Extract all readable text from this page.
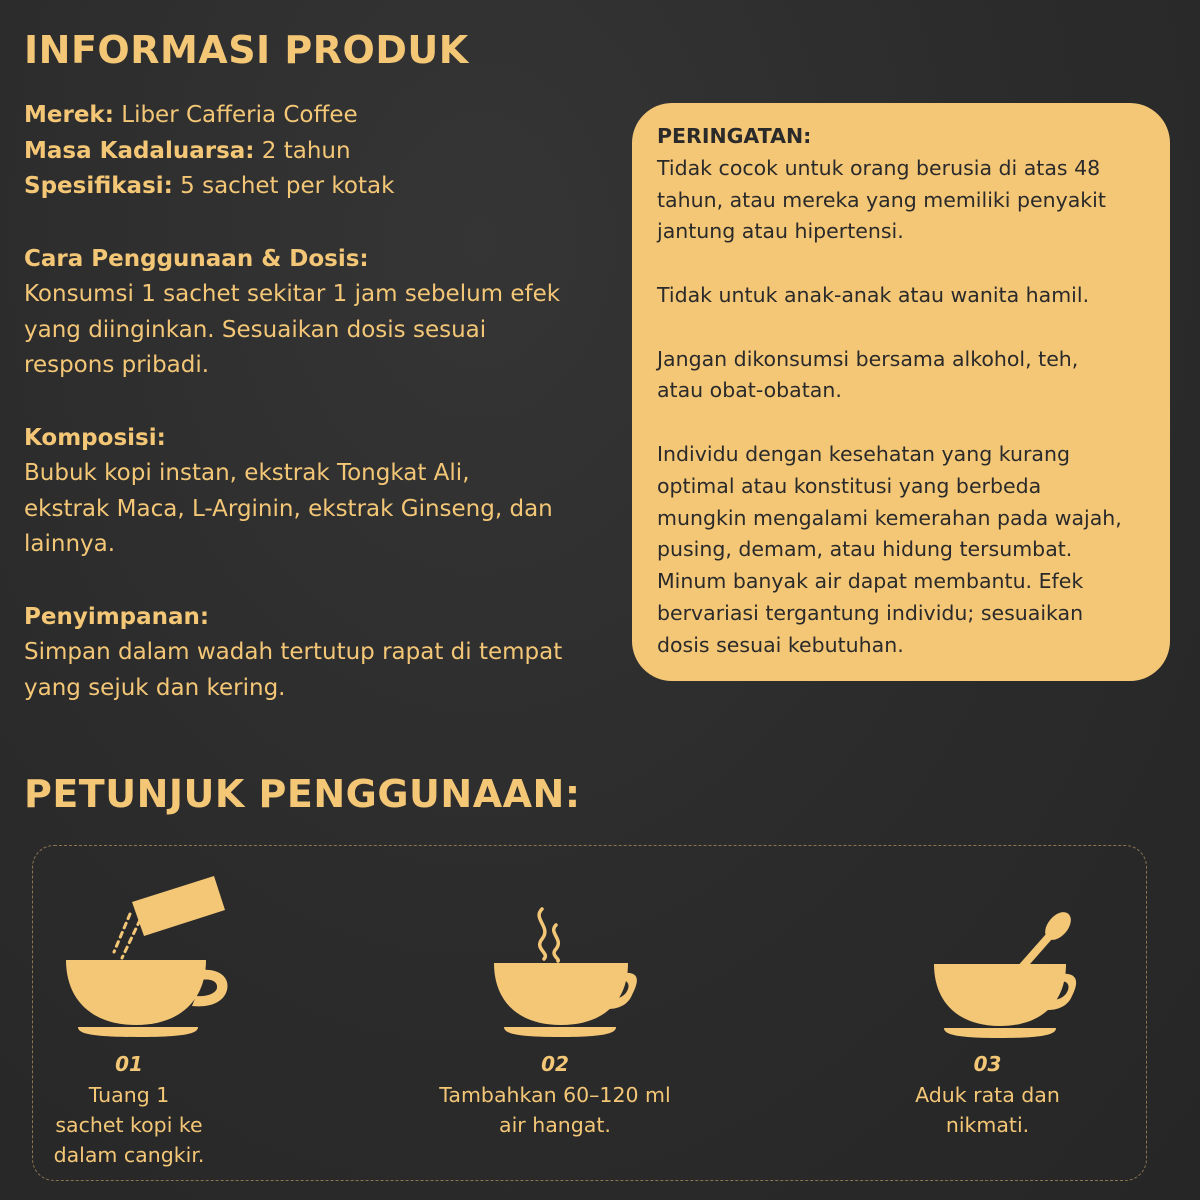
INFORMASI PRODUK

Merek: Liber Cafferia Coffee

Masa Kadaluarsa: 2 tahun

Spesifikasi: 5 sachet per kotak

Cara Penggunaan & Dosis:

Konsumsi 1 sachet sekitar 1 jam sebelum efek

yang diinginkan. Sesuaikan dosis sesuai

respons pribadi.

Komposisi:

Bubuk kopi instan, ekstrak Tongkat Ali,

ekstrak Maca, L-Arginin, ekstrak Ginseng, dan

lainnya.

Penyimpanan:

Simpan dalam wadah tertutup rapat di tempat

yang sejuk dan kering.

PERINGATAN:

Tidak cocok untuk orang berusia di atas 48

tahun, atau mereka yang memiliki penyakit

jantung atau hipertensi.

Tidak untuk anak-anak atau wanita hamil.

Jangan dikonsumsi bersama alkohol, teh,

atau obat-obatan.

Individu dengan kesehatan yang kurang

optimal atau konstitusi yang berbeda

mungkin mengalami kemerahan pada wajah,

pusing, demam, atau hidung tersumbat.

Minum banyak air dapat membantu. Efek

bervariasi tergantung individu; sesuaikan

dosis sesuai kebutuhan.

PETUNJUK PENGGUNAAN:

01

Tuang 1
sachet kopi ke
dalam cangkir.

02

Tambahkan 60–120 ml
air hangat.

03

Aduk rata dan
nikmati.
